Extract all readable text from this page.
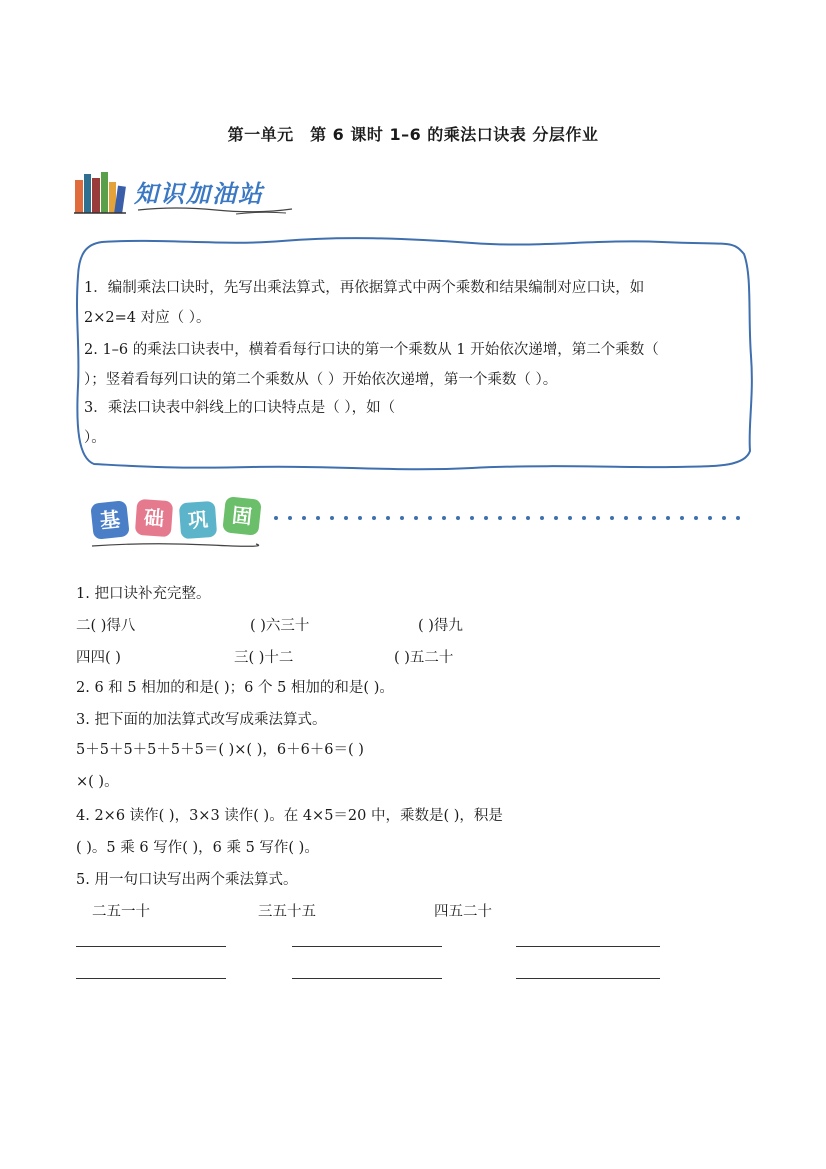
第一单元　第 6 课时 1–6 的乘法口诀表 分层作业
知识加油站
1．编制乘法口诀时，先写出乘法算式，再依据算式中两个乘数和结果编制对应口诀，如
2×2=4 对应（ ）。
2. 1–6 的乘法口诀表中，横着看每行口诀的第一个乘数从 1 开始依次递增，第二个乘数（
）；竖着看每列口诀的第二个乘数从（ ）开始依次递增，第一个乘数（ ）。
3．乘法口诀表中斜线上的口诀特点是（ ），如（
）。
基	础	巩	固
1. 把口诀补充完整。
二( )得八	( )六三十	( )得九
四四( )	三( )十二	( )五二十
2. 6 和 5 相加的和是( )；6 个 5 相加的和是( )。
3. 把下面的加法算式改写成乘法算式。
5＋5＋5＋5＋5＋5＝( )×( )，6＋6＋6＝( )
×( )。
4. 2×6 读作( )，3×3 读作( )。在 4×5＝20 中，乘数是( )，积是
( )。5 乘 6 写作( )，6 乘 5 写作( )。
5. 用一句口诀写出两个乘法算式。
二五一十	三五十五	四五二十
